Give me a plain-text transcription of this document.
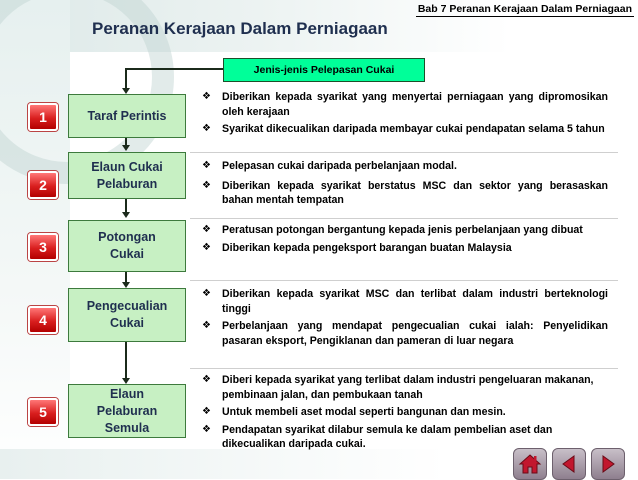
Bab 7 Peranan Kerajaan Dalam Perniagaan
Peranan Kerajaan Dalam Perniagaan
Jenis-jenis Pelepasan Cukai
1	Taraf Perintis
❖	Diberikan kepada syarikat yang menyertai perniagaan yang dipromosikan oleh kerajaan
❖	Syarikat dikecualikan daripada membayar cukai pendapatan selama 5 tahun
2
Elaun Cukai Pelaburan
❖	Pelepasan cukai daripada perbelanjaan modal.
❖	Diberikan kepada syarikat berstatus MSC dan sektor yang berasaskan bahan mentah tempatan
3
Potongan Cukai
❖	Peratusan potongan bergantung kepada jenis perbelanjaan yang dibuat
❖	Diberikan kepada pengeksport barangan buatan Malaysia
4
Pengecualian Cukai
❖	Diberikan kepada syarikat MSC dan terlibat dalam industri berteknologi tinggi
❖	Perbelanjaan yang mendapat pengecualian cukai ialah: Penyelidikan pasaran eksport, Pengiklanan dan pameran di luar negara
5
Elaun Pelaburan Semula
❖	Diberi kepada syarikat yang terlibat dalam industri pengeluaran makanan, pembinaan jalan, dan pembukaan tanah
❖	Untuk membeli aset modal seperti bangunan dan mesin.
❖	Pendapatan syarikat dilabur semula ke dalam pembelian aset dan dikecualikan daripada cukai.
